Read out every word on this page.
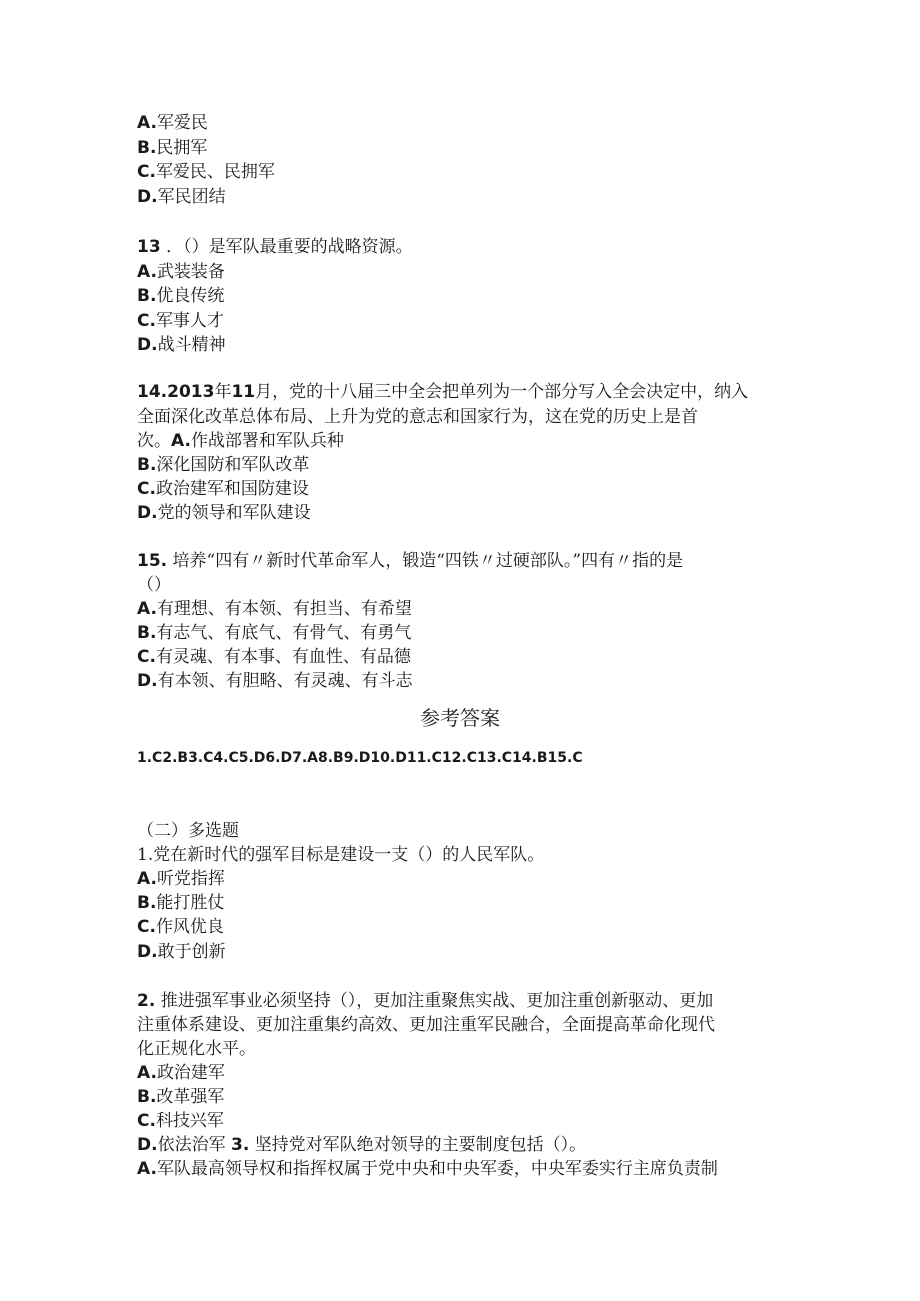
A.军爱民
B.民拥军
C.军爱民、民拥军
D.军民团结
13 ．（）是军队最重要的战略资源。
A.武装装备
B.优良传统
C.军事人才
D.战斗精神
14.2013年11月，党的十八届三中全会把单列为一个部分写入全会决定中，纳入
全面深化改革总体布局、上升为党的意志和国家行为，这在党的历史上是首
次。A.作战部署和军队兵种
B.深化国防和军队改革
C.政治建军和国防建设
D.党的领导和军队建设
15. 培养“四有〃新时代革命军人，锻造“四铁〃过硬部队。”四有〃指的是
（）
A.有理想、有本领、有担当、有希望
B.有志气、有底气、有骨气、有勇气
C.有灵魂、有本事、有血性、有品德
D.有本领、有胆略、有灵魂、有斗志
参考答案
1.C2.B3.C4.C5.D6.D7.A8.B9.D10.D11.C12.C13.C14.B15.C
（二）多选题
1.党在新时代的强军目标是建设一支（）的人民军队。
A.听党指挥
B.能打胜仗
C.作风优良
D.敢于创新
2. 推进强军事业必须坚持（），更加注重聚焦实战、更加注重创新驱动、更加
注重体系建设、更加注重集约高效、更加注重军民融合，全面提高革命化现代
化正规化水平。
A.政治建军
B.改革强军
C.科技兴军
D.依法治军 3. 坚持党对军队绝对领导的主要制度包括（）。
A.军队最高领导权和指挥权属于党中央和中央军委，中央军委实行主席负责制
